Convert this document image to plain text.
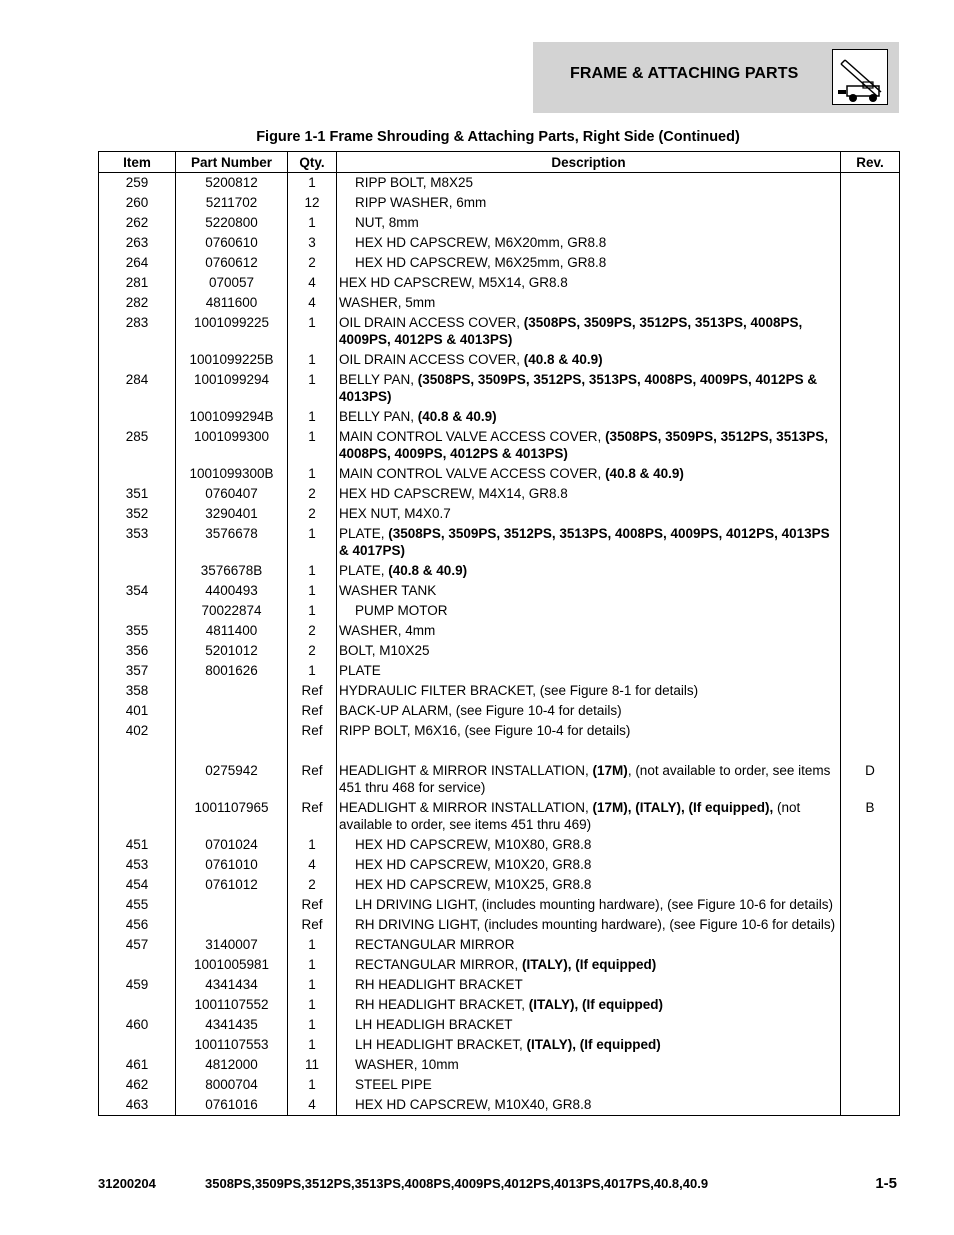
FRAME & ATTACHING PARTS
Figure 1-1 Frame Shrouding & Attaching Parts, Right Side (Continued)
Item	Part Number	Qty.	Description	Rev.
259	5200812	1	RIPP BOLT, M8X25	
260	5211702	12	RIPP WASHER, 6mm	
262	5220800	1	NUT, 8mm	
263	0760610	3	HEX HD CAPSCREW, M6X20mm, GR8.8	
264	0760612	2	HEX HD CAPSCREW, M6X25mm, GR8.8	
281	070057	4	HEX HD CAPSCREW, M5X14, GR8.8	
282	4811600	4	WASHER, 5mm	
283	1001099225	1	OIL DRAIN ACCESS COVER, (3508PS, 3509PS, 3512PS, 3513PS, 4008PS, 4009PS, 4012PS & 4013PS)	
	1001099225B	1	OIL DRAIN ACCESS COVER, (40.8 & 40.9)	
284	1001099294	1	BELLY PAN, (3508PS, 3509PS, 3512PS, 3513PS, 4008PS, 4009PS, 4012PS & 4013PS)	
	1001099294B	1	BELLY PAN, (40.8 & 40.9)	
285	1001099300	1	MAIN CONTROL VALVE ACCESS COVER, (3508PS, 3509PS, 3512PS, 3513PS, 4008PS, 4009PS, 4012PS & 4013PS)	
	1001099300B	1	MAIN CONTROL VALVE ACCESS COVER, (40.8 & 40.9)	
351	0760407	2	HEX HD CAPSCREW, M4X14, GR8.8	
352	3290401	2	HEX NUT, M4X0.7	
353	3576678	1	PLATE, (3508PS, 3509PS, 3512PS, 3513PS, 4008PS, 4009PS, 4012PS, 4013PS & 4017PS)	
	3576678B	1	PLATE, (40.8 & 40.9)	
354	4400493	1	WASHER TANK	
	70022874	1	PUMP MOTOR	
355	4811400	2	WASHER, 4mm	
356	5201012	2	BOLT, M10X25	
357	8001626	1	PLATE	
358		Ref	HYDRAULIC FILTER BRACKET, (see Figure 8-1 for details)	
401		Ref	BACK-UP ALARM, (see Figure 10-4 for details)	
402		Ref	RIPP BOLT, M6X16, (see Figure 10-4 for details)	

	0275942	Ref	HEADLIGHT & MIRROR INSTALLATION, (17M), (not available to order, see items 451 thru 468 for service)	D
	1001107965	Ref	HEADLIGHT & MIRROR INSTALLATION, (17M), (ITALY), (If equipped), (not available to order, see items 451 thru 469)	B
451	0701024	1	HEX HD CAPSCREW, M10X80, GR8.8	
453	0761010	4	HEX HD CAPSCREW, M10X20, GR8.8	
454	0761012	2	HEX HD CAPSCREW, M10X25, GR8.8	
455		Ref	LH DRIVING LIGHT, (includes mounting hardware), (see Figure 10-6 for details)	
456		Ref	RH DRIVING LIGHT, (includes mounting hardware), (see Figure 10-6 for details)	
457	3140007	1	RECTANGULAR MIRROR	
	1001005981	1	RECTANGULAR MIRROR, (ITALY), (If equipped)	
459	4341434	1	RH HEADLIGHT BRACKET	
	1001107552	1	RH HEADLIGHT BRACKET, (ITALY), (If equipped)	
460	4341435	1	LH HEADLIGH BRACKET	
	1001107553	1	LH HEADLIGHT BRACKET, (ITALY), (If equipped)	
461	4812000	11	WASHER, 10mm	
462	8000704	1	STEEL PIPE	
463	0761016	4	HEX HD CAPSCREW, M10X40, GR8.8	
31200204	3508PS,3509PS,3512PS,3513PS,4008PS,4009PS,4012PS,4013PS,4017PS,40.8,40.9	1-5
